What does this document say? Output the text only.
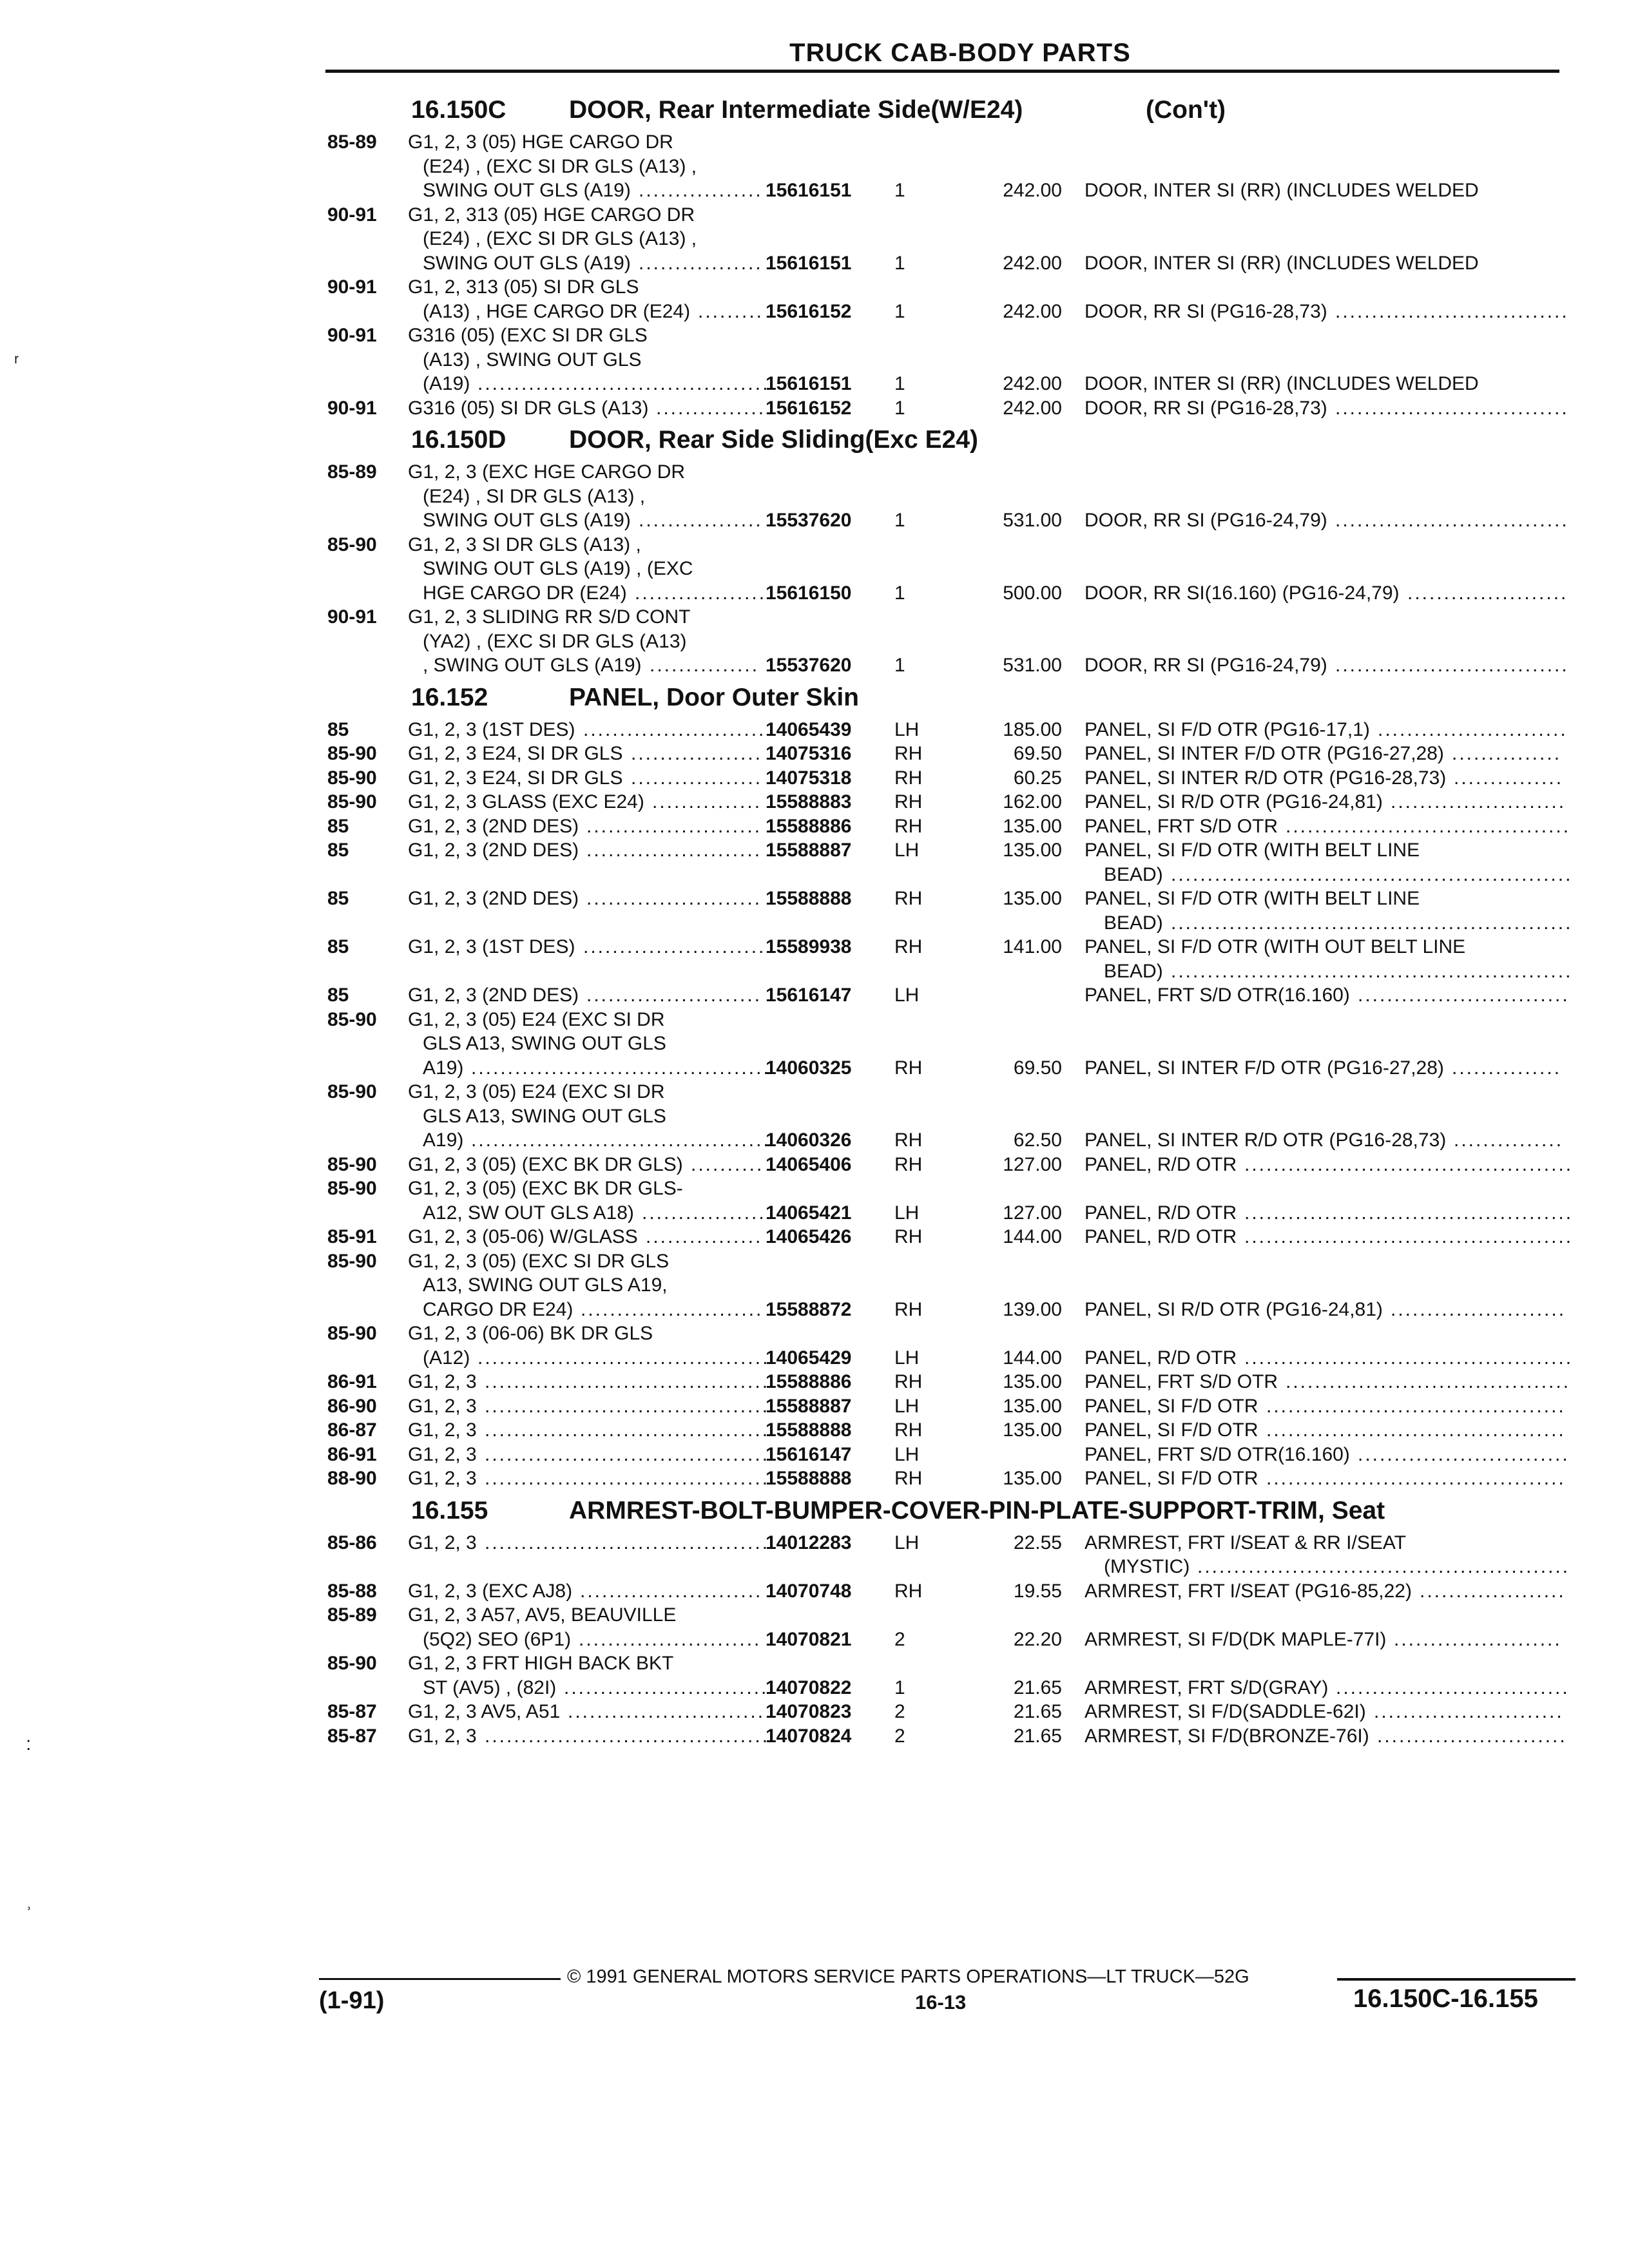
TRUCK CAB-BODY PARTS
ʳ
:
ʾ
16.150C	DOOR, Rear Intermediate Side(W/E24)	(Con't)
85-89 G1, 2, 3 (05) HGE CARGO DR
(E24) , (EXC SI DR GLS (A13) ,
SWING OUT GLS (A19)	15616151 1	242.00 DOOR, INTER SI (RR) (INCLUDES WELDED
.................
90-91 G1, 2, 313 (05) HGE CARGO DR
(E24) , (EXC SI DR GLS (A13) ,
SWING OUT GLS (A19)	15616151 1	242.00 DOOR, INTER SI (RR) (INCLUDES WELDED
.................
90-91 G1, 2, 313 (05) SI DR GLS
(A13) , HGE CARGO DR (E24)	15616152 1	242.00 DOOR, RR SI (PG16-28,73)
.........	................................
90-91 G316 (05) (EXC SI DR GLS
(A13) , SWING OUT GLS
(A19)	15616151 1	242.00 DOOR, INTER SI (RR) (INCLUDES WELDED
........................................
90-91 G316 (05) SI DR GLS (A13)	15616152 1	242.00 DOOR, RR SI (PG16-28,73)
...............	................................
16.150D	DOOR, Rear Side Sliding(Exc E24)
85-89 G1, 2, 3 (EXC HGE CARGO DR
(E24) , SI DR GLS (A13) ,
SWING OUT GLS (A19)	15537620 1	531.00 DOOR, RR SI (PG16-24,79)
.................	................................
85-90 G1, 2, 3 SI DR GLS (A13) ,
SWING OUT GLS (A19) , (EXC
HGE CARGO DR (E24)	15616150 1	500.00 DOOR, RR SI(16.160) (PG16-24,79)
..................	......................
90-91 G1, 2, 3 SLIDING RR S/D CONT
(YA2) , (EXC SI DR GLS (A13)
, SWING OUT GLS (A19)	15537620 1	531.00 DOOR, RR SI (PG16-24,79)
...............	................................
16.152	PANEL, Door Outer Skin
85	G1, 2, 3 (1ST DES)	14065439 LH	185.00 PANEL, SI F/D OTR (PG16-17,1)
.........................	..........................
85-90 G1, 2, 3 E24, SI DR GLS	14075316 RH	69.50 PANEL, SI INTER F/D OTR (PG16-27,28)
..................	...............
85-90 G1, 2, 3 E24, SI DR GLS	14075318 RH	60.25 PANEL, SI INTER R/D OTR (PG16-28,73)
..................	...............
85-90 G1, 2, 3 GLASS (EXC E24)	15588883 RH	162.00 PANEL, SI R/D OTR (PG16-24,81)
...............	........................
85	G1, 2, 3 (2ND DES)	15588886 RH	135.00 PANEL, FRT S/D OTR
........................	.......................................
85	G1, 2, 3 (2ND DES)	15588887 LH	135.00 PANEL, SI F/D OTR (WITH BELT LINE
........................
BEAD) .......................................................
85	G1, 2, 3 (2ND DES)	15588888 RH	135.00 PANEL, SI F/D OTR (WITH BELT LINE
........................
BEAD) .......................................................
85	G1, 2, 3 (1ST DES)	15589938 RH	141.00 PANEL, SI F/D OTR (WITH OUT BELT LINE
.........................
BEAD) .......................................................
85	G1, 2, 3 (2ND DES)	15616147 LH	PANEL, FRT S/D OTR(16.160)
........................	.............................
85-90 G1, 2, 3 (05) E24 (EXC SI DR
GLS A13, SWING OUT GLS
A19)	14060325 RH	69.50 PANEL, SI INTER F/D OTR (PG16-27,28)
.........................................	...............
85-90 G1, 2, 3 (05) E24 (EXC SI DR
GLS A13, SWING OUT GLS
A19)	14060326 RH	62.50 PANEL, SI INTER R/D OTR (PG16-28,73)
.........................................	...............
85-90 G1, 2, 3 (05) (EXC BK DR GLS)	14065406 RH	127.00 PANEL, R/D OTR
..........	.............................................
85-90 G1, 2, 3 (05) (EXC BK DR GLS-
A12, SW OUT GLS A18)	14065421 LH	127.00 PANEL, R/D OTR
.................	.............................................
85-91 G1, 2, 3 (05-06) W/GLASS	14065426 RH	144.00 PANEL, R/D OTR
................	.............................................
85-90 G1, 2, 3 (05) (EXC SI DR GLS
A13, SWING OUT GLS A19,
CARGO DR E24)	15588872 RH	139.00 PANEL, SI R/D OTR (PG16-24,81)
.........................	........................
85-90 G1, 2, 3 (06-06) BK DR GLS
(A12)	14065429 LH	144.00 PANEL, R/D OTR
........................................	.............................................
86-91 G1, 2, 3	15588886 RH	135.00 PANEL, FRT S/D OTR
.......................................	.......................................
86-90 G1, 2, 3	15588887 LH	135.00 PANEL, SI F/D OTR
.......................................	.........................................
86-87 G1, 2, 3	15588888 RH	135.00 PANEL, SI F/D OTR
.......................................	.........................................
86-91 G1, 2, 3	15616147 LH	PANEL, FRT S/D OTR(16.160)
.......................................	.............................
88-90 G1, 2, 3	15588888 RH	135.00 PANEL, SI F/D OTR
.......................................	.........................................
16.155	ARMREST-BOLT-BUMPER-COVER-PIN-PLATE-SUPPORT-TRIM, Seat
85-86 G1, 2, 3	14012283 LH	22.55 ARMREST, FRT I/SEAT & RR I/SEAT
.......................................
(MYSTIC) ...................................................
85-88 G1, 2, 3 (EXC AJ8)	14070748 RH	19.55 ARMREST, FRT I/SEAT (PG16-85,22)
.........................	....................
85-89 G1, 2, 3 A57, AV5, BEAUVILLE
(5Q2) SEO (6P1)	14070821 2	22.20 ARMREST, SI F/D(DK MAPLE-77I)
.........................	.......................
85-90 G1, 2, 3 FRT HIGH BACK BKT
ST (AV5) , (82I)	14070822 1	21.65 ARMREST, FRT S/D(GRAY)
............................	................................
85-87 G1, 2, 3 AV5, A51	14070823 2	21.65 ARMREST, SI F/D(SADDLE-62I)
...........................	..........................
85-87 G1, 2, 3	14070824 2	21.65 ARMREST, SI F/D(BRONZE-76I)
.......................................	..........................
© 1991 GENERAL MOTORS SERVICE PARTS OPERATIONS—LT TRUCK—52G
(1-91)	16-13	16.150C-16.155
